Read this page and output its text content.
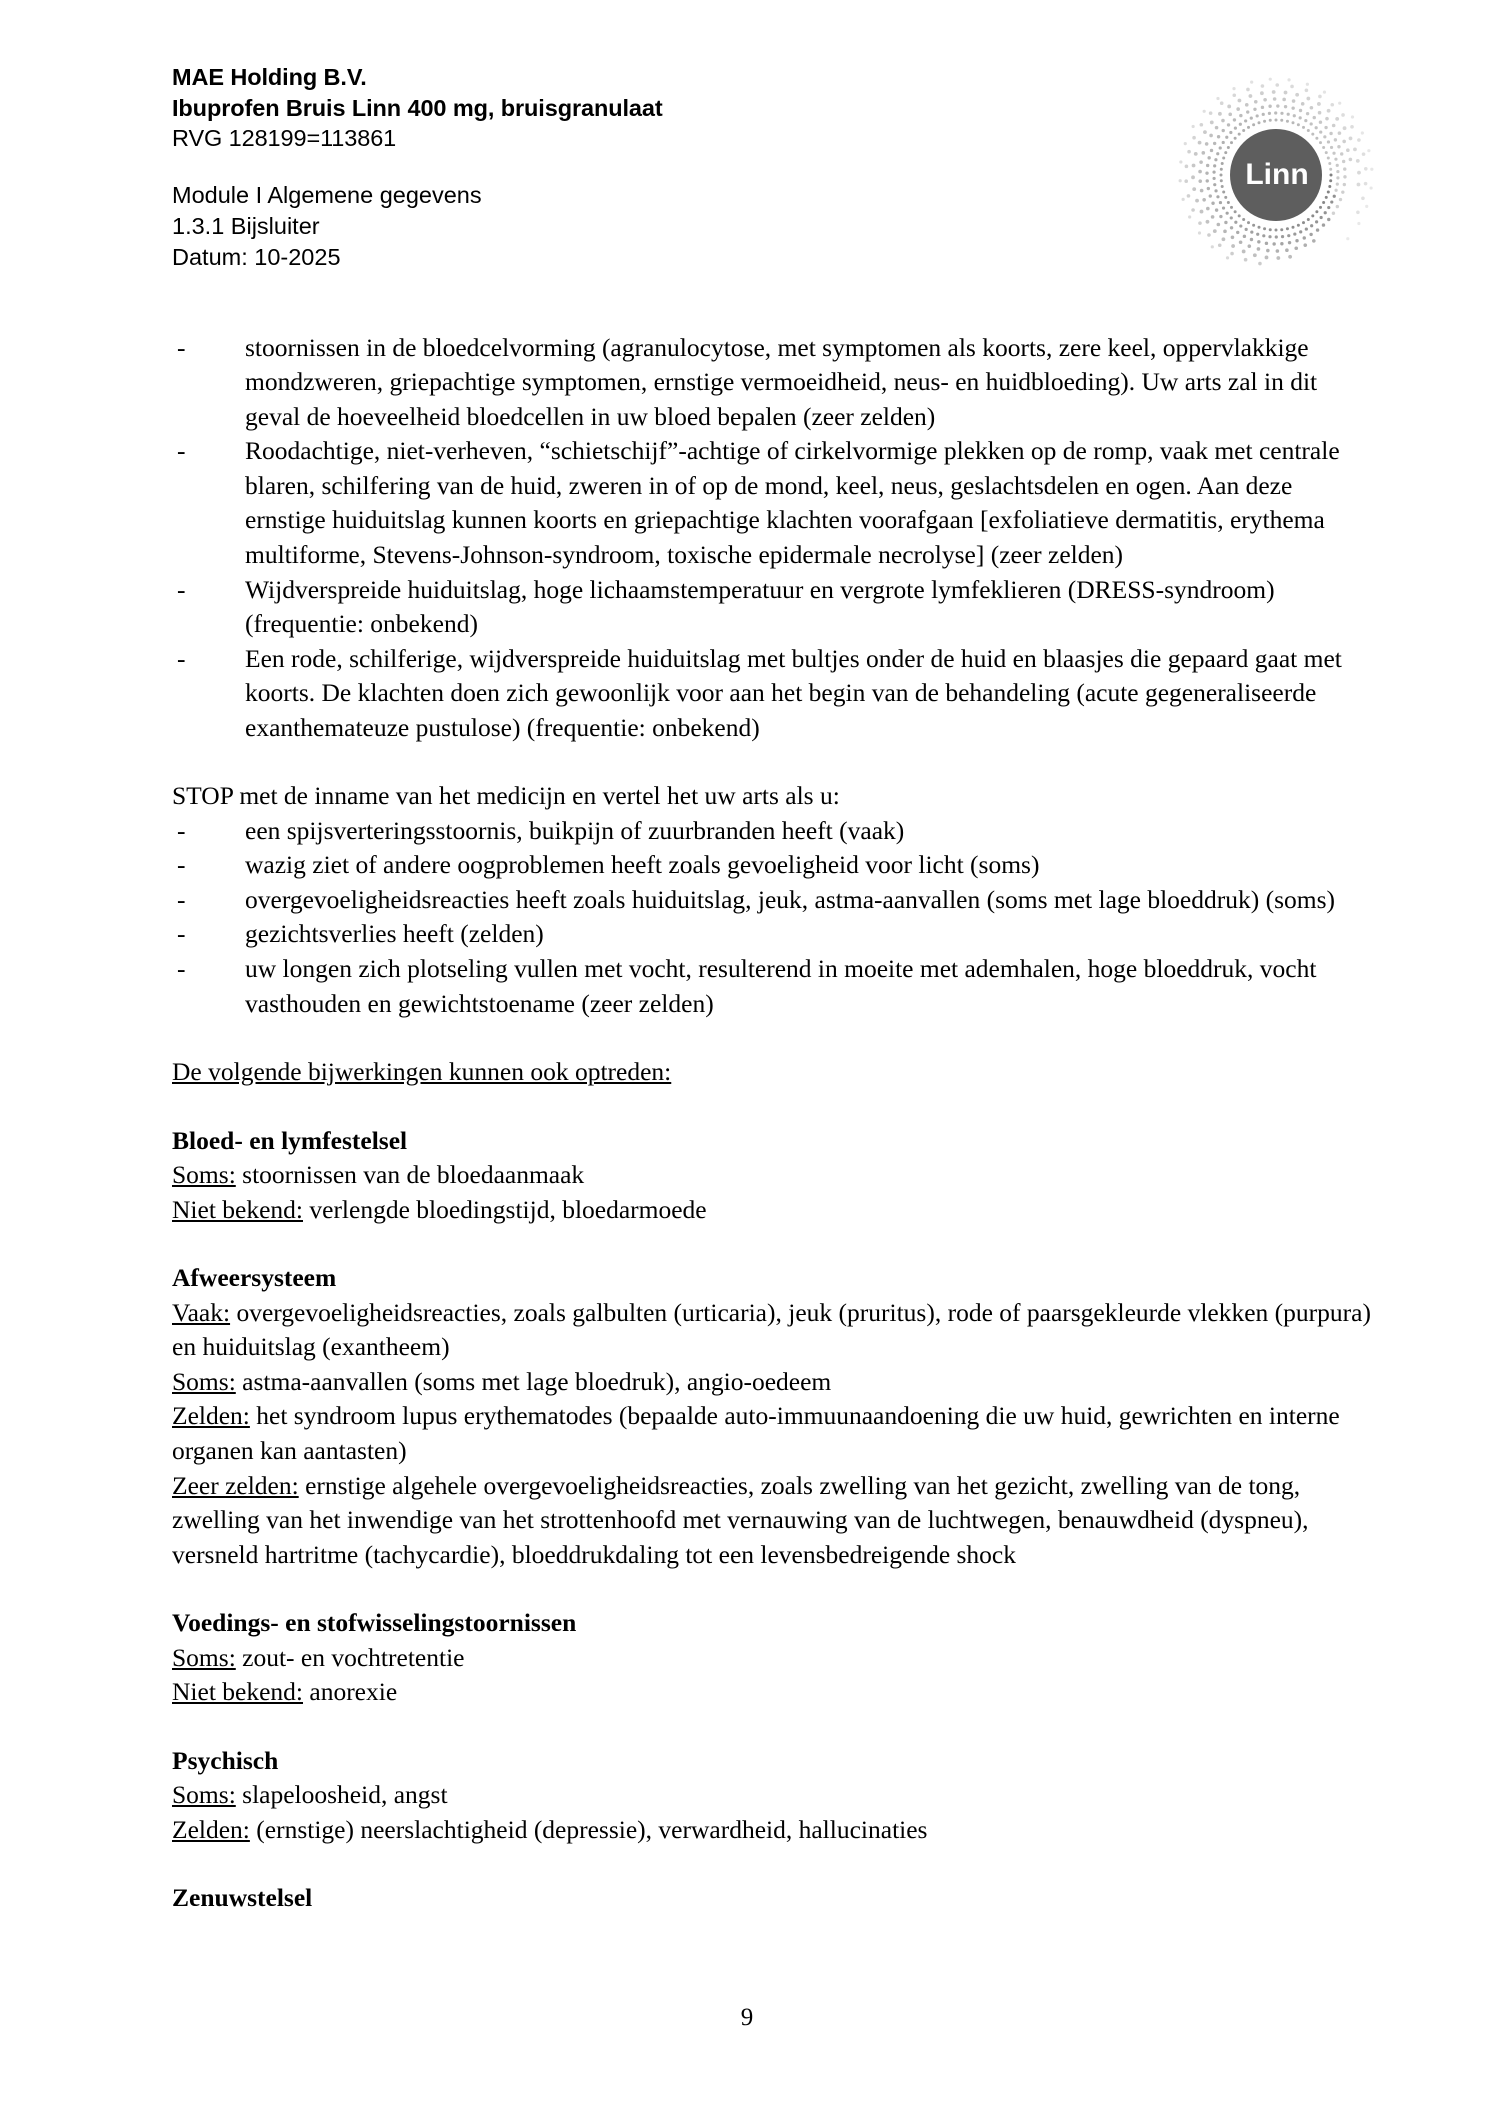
MAE Holding B.V.
Ibuprofen Bruis Linn 400 mg, bruisgranulaat
RVG 128199=113861
Module I Algemene gegevens
1.3.1 Bijsluiter
Datum: 10-2025
Linn
- stoornissen in de bloedcelvorming (agranulocytose, met symptomen als koorts, zere keel, oppervlakkige mondzweren, griepachtige symptomen, ernstige vermoeidheid, neus- en huidbloeding). Uw arts zal in dit geval de hoeveelheid bloedcellen in uw bloed bepalen (zeer zelden)
- Roodachtige, niet-verheven, “schietschijf”-achtige of cirkelvormige plekken op de romp, vaak met centrale blaren, schilfering van de huid, zweren in of op de mond, keel, neus, geslachtsdelen en ogen. Aan deze ernstige huiduitslag kunnen koorts en griepachtige klachten voorafgaan [exfoliatieve dermatitis, erythema multiforme, Stevens-Johnson-syndroom, toxische epidermale necrolyse] (zeer zelden)
- Wijdverspreide huiduitslag, hoge lichaamstemperatuur en vergrote lymfeklieren (DRESS-syndroom) (frequentie: onbekend)
- Een rode, schilferige, wijdverspreide huiduitslag met bultjes onder de huid en blaasjes die gepaard gaat met koorts. De klachten doen zich gewoonlijk voor aan het begin van de behandeling (acute gegeneraliseerde exanthemateuze pustulose) (frequentie: onbekend)

STOP met de inname van het medicijn en vertel het uw arts als u:

- een spijsverteringsstoornis, buikpijn of zuurbranden heeft (vaak)
- wazig ziet of andere oogproblemen heeft zoals gevoeligheid voor licht (soms)
- overgevoeligheidsreacties heeft zoals huiduitslag, jeuk, astma-aanvallen (soms met lage bloeddruk) (soms)
- gezichtsverlies heeft (zelden)
- uw longen zich plotseling vullen met vocht, resulterend in moeite met ademhalen, hoge bloeddruk, vocht vasthouden en gewichtstoename (zeer zelden)

De volgende bijwerkingen kunnen ook optreden:

Bloed- en lymfestelsel

Soms: stoornissen van de bloedaanmaak

Niet bekend: verlengde bloedingstijd, bloedarmoede

Afweersysteem

Vaak: overgevoeligheidsreacties, zoals galbulten (urticaria), jeuk (pruritus), rode of paarsgekleurde vlekken (purpura) en huiduitslag (exantheem)

Soms: astma-aanvallen (soms met lage bloedruk), angio-oedeem

Zelden: het syndroom lupus erythematodes (bepaalde auto-immuunaandoening die uw huid, gewrichten en interne organen kan aantasten)

Zeer zelden: ernstige algehele overgevoeligheidsreacties, zoals zwelling van het gezicht, zwelling van de tong, zwelling van het inwendige van het strottenhoofd met vernauwing van de luchtwegen, benauwdheid (dyspneu), versneld hartritme (tachycardie), bloeddrukdaling tot een levensbedreigende shock

Voedings- en stofwisselingstoornissen

Soms: zout- en vochtretentie

Niet bekend: anorexie

Psychisch

Soms: slapeloosheid, angst

Zelden: (ernstige) neerslachtigheid (depressie), verwardheid, hallucinaties

Zenuwstelsel

9
